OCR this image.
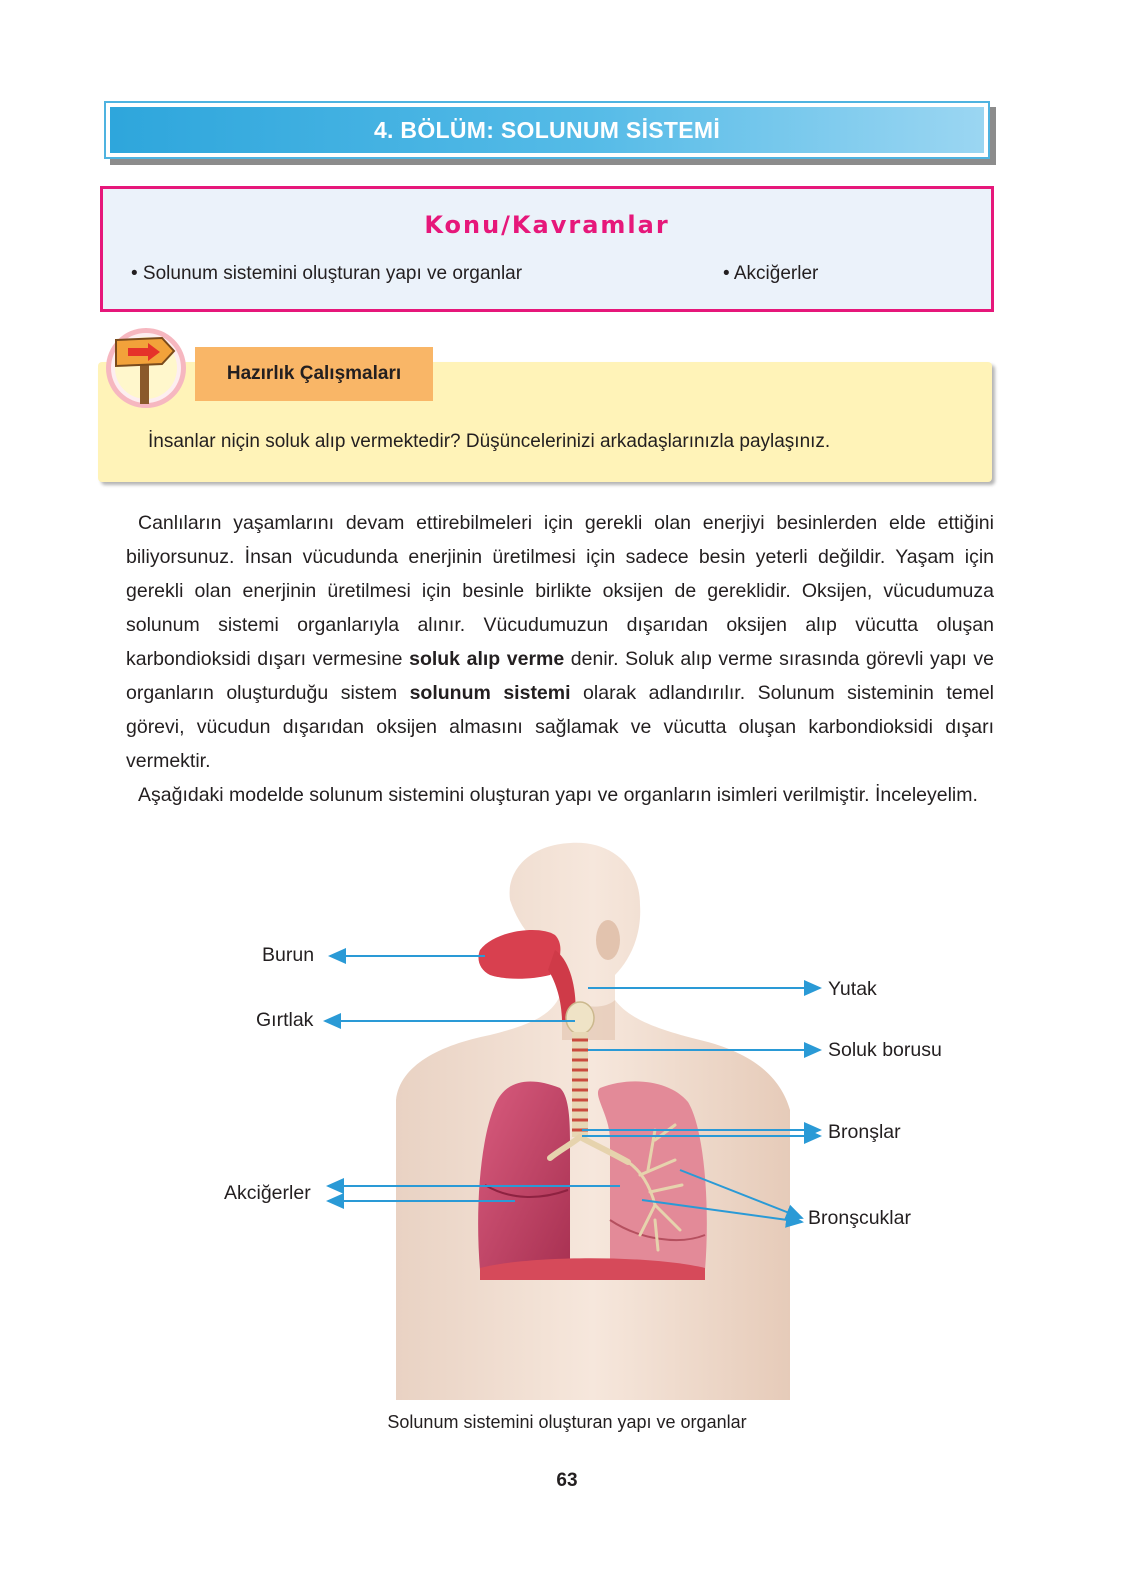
4. BÖLÜM: SOLUNUM SİSTEMİ
Konu/Kavramlar
• Solunum sistemini oluşturan yapı ve organlar	• Akciğerler
Hazırlık Çalışmaları
İnsanlar niçin soluk alıp vermektedir? Düşüncelerinizi arkadaşlarınızla paylaşınız.

Canlıların yaşamlarını devam ettirebilmeleri için gerekli olan enerjiyi besinlerden elde ettiğini biliyorsunuz. İnsan vücudunda enerjinin üretilmesi için sadece besin yeterli değildir. Yaşam için gerekli olan enerjinin üretilmesi için besinle birlikte oksijen de gereklidir. Oksijen, vücudumuza solunum sistemi organlarıyla alınır. Vücudumuzun dışarıdan oksijen alıp vücutta oluşan karbondioksidi dışarı vermesine soluk alıp verme denir. Soluk alıp verme sırasında görevli yapı ve organların oluşturduğu sistem solunum sistemi olarak adlandırılır. Solunum sisteminin temel görevi, vücudun dışarıdan oksijen almasını sağlamak ve vücutta oluşan karbondioksidi dışarı vermektir.

Aşağıdaki modelde solunum sistemini oluşturan yapı ve organların isimleri verilmiştir. İnceleyelim.

Burun
Gırtlak
Akciğerler
Yutak
Soluk borusu
Bronşlar
Bronşcuklar
Solunum sistemini oluşturan yapı ve organlar
63
